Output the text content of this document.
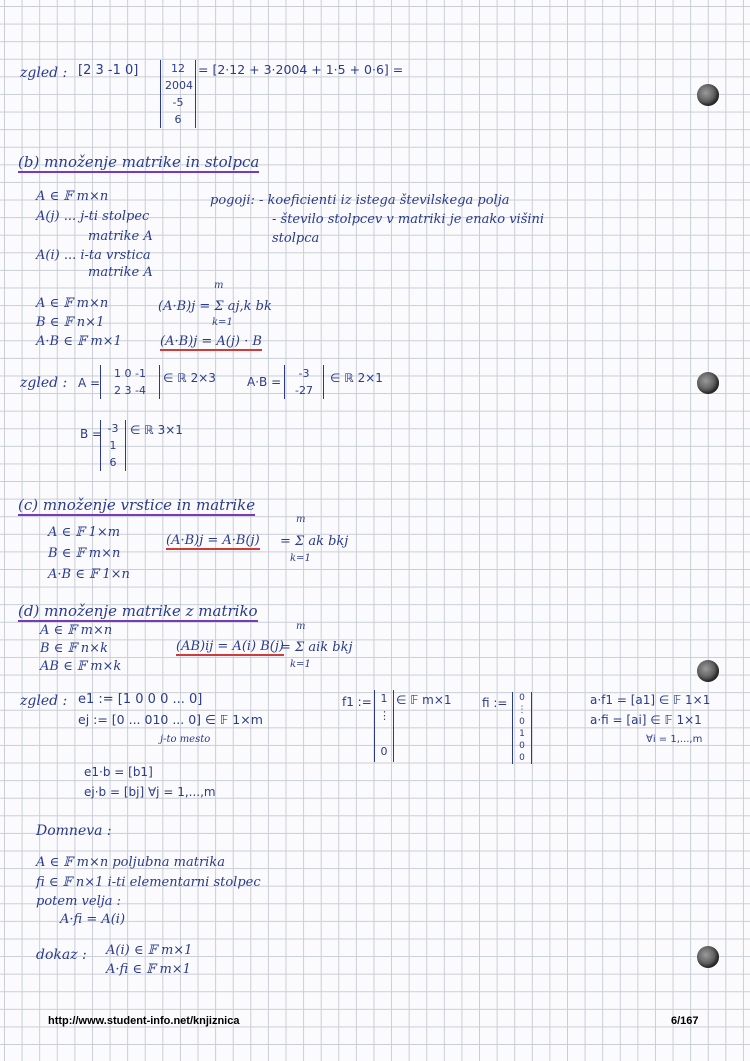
zgled : [2 3 -1 0]	12
2004
-5
6
= [2·12 + 3·2004 + 1·5 + 0·6] =
(b) množenje matrike in stolpca
A ∈ 𝔽 m×n
A(j) ... j-ti stolpec
matrike A
A(i) ... i-ta vrstica
matrike A
pogoji: - koeficienti iz istega številskega polja
- število stolpcev v matriki je enako višini
stolpca
A ∈ 𝔽 m×n
B ∈ 𝔽 n×1
A·B ∈ 𝔽 m×1
m
(A·B)j = Σ aj,k bk
k=1
(A·B)j = A(j) · B
zgled : A =
1 0 -1
2 3 -4
∈ ℝ 2×3	A·B =
-3
-27
∈ ℝ 2×1
B = -3
1
6
∈ ℝ 3×1
(c) množenje vrstice in matrike
A ∈ 𝔽 1×m
B ∈ 𝔽 m×n
A·B ∈ 𝔽 1×n
(A·B)j = A·B(j)
m
= Σ ak bkj
k=1
(d) množenje matrike z matriko
A ∈ 𝔽 m×n
B ∈ 𝔽 n×k
AB ∈ 𝔽 m×k
(AB)ij = A(i) B(j)
m
= Σ aik bkj
k=1
zgled : e1 := [1 0 0 0 ... 0]
ej := [0 ... 010 ... 0] ∈ 𝔽 1×m
j-to mesto
f1 := 1
⋮
0
∈ 𝔽 m×1	fi :=	0
⋮
0
1
0
0
a·f1 = [a1] ∈ 𝔽 1×1
a·fi = [ai] ∈ 𝔽 1×1
∀i = 1,...,m
e1·b = [b1]
ej·b = [bj] ∀j = 1,...,m
Domneva :
A ∈ 𝔽 m×n poljubna matrika
fi ∈ 𝔽 n×1 i-ti elementarni stolpec
potem velja :
A·fi = A(i)
dokaz : A(i) ∈ 𝔽 m×1
A·fi ∈ 𝔽 m×1
http://www.student-info.net/knjiznica	6/167
